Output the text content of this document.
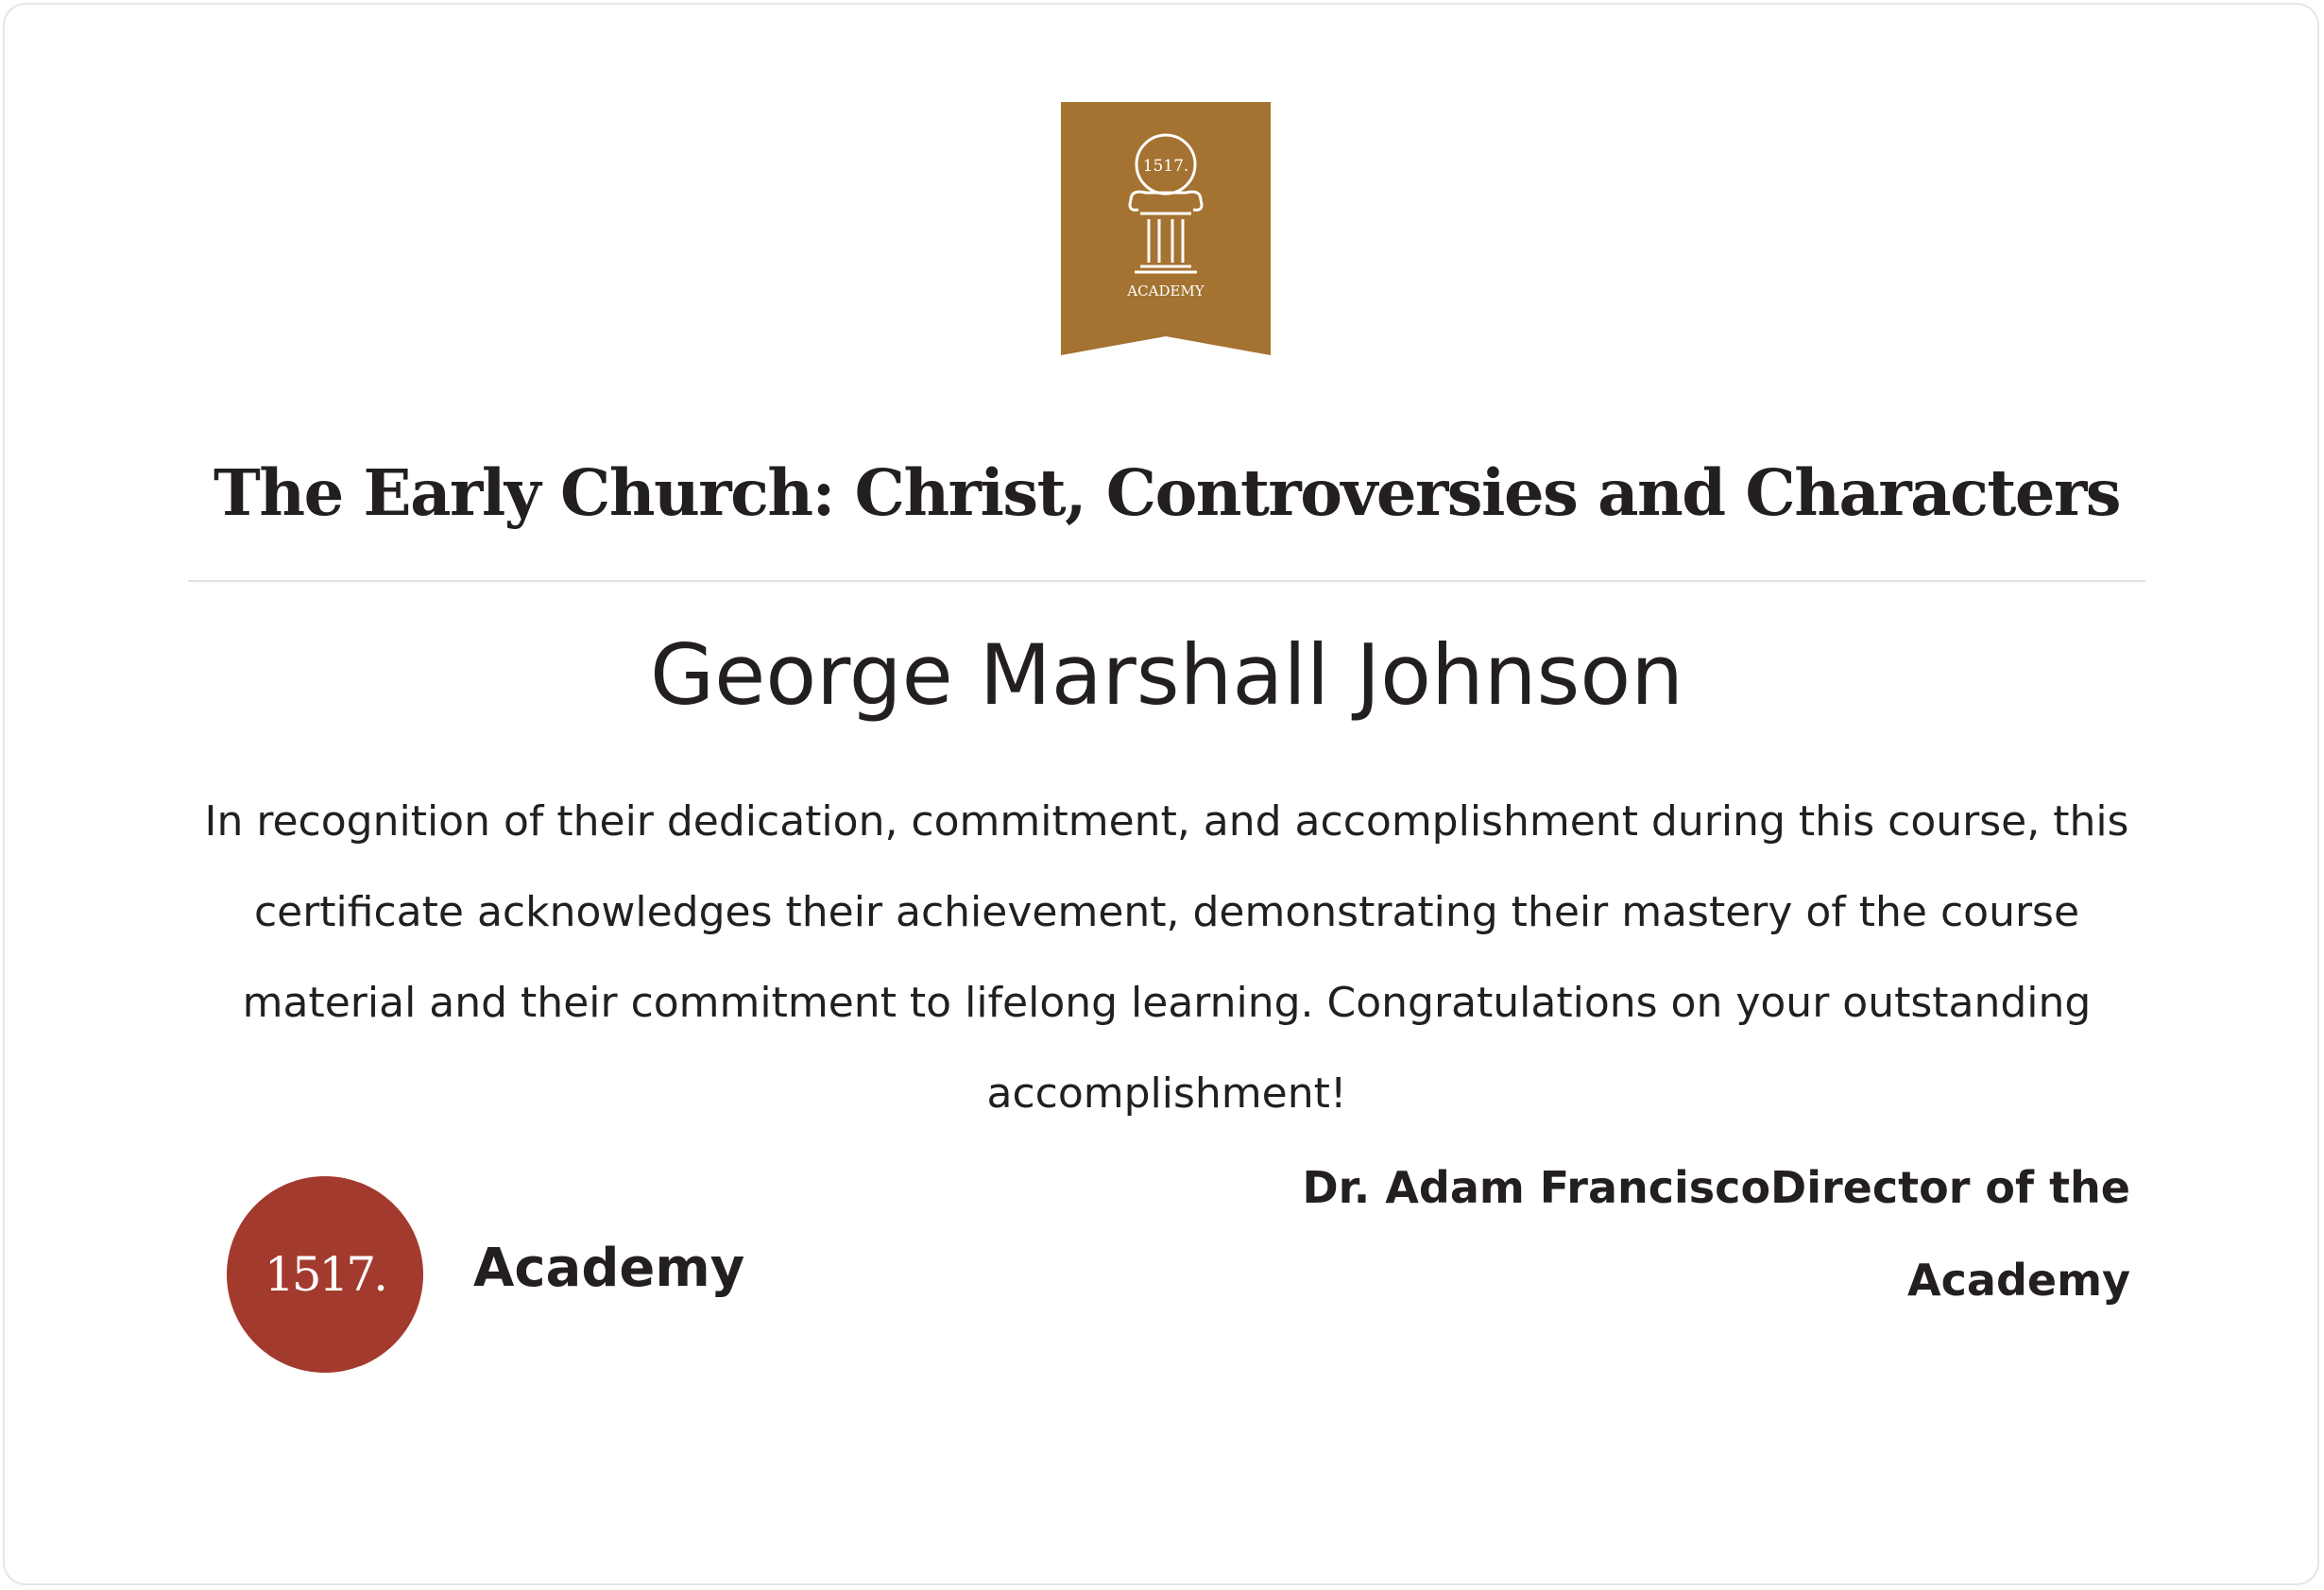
1517.
ACADEMY
The Early Church: Christ, Controversies and Characters
George Marshall Johnson
In recognition of their dedication, commitment, and accomplishment during this course, this certificate acknowledges their achievement, demonstrating their mastery of the course material and their commitment to lifelong learning. Congratulations on your outstanding accomplishment!
1517.	Academy
Dr. Adam FranciscoDirector of the
Academy
